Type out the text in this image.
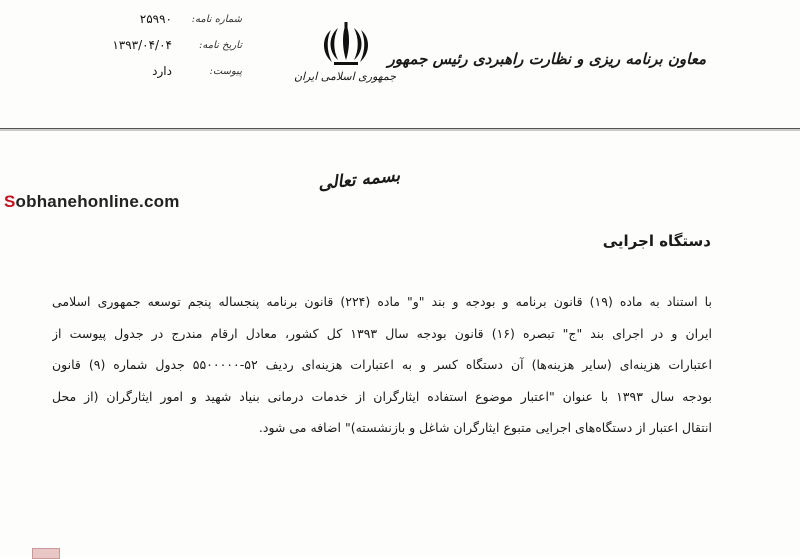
شماره نامه:
۲۵۹۹۰
تاریخ نامه:
۱۳۹۳/۰۴/۰۴
پیوست:
دارد	جمهوری اسلامی ایران
معاون برنامه ریزی و نظارت راهبردی رئیس جمهور
بسمه تعالی
Sobhanehonline.com
دستگاه اجرایی
با استناد به ماده (۱۹) قانون برنامه و بودجه و بند "و" ماده (۲۲۴) قانون برنامه پنجساله پنجم توسعه جمهوری اسلامی
ایران و در اجرای بند "ج" تبصره (۱۶) قانون بودجه سال ۱۳۹۳ کل کشور، معادل ارقام مندرج در جدول پیوست از
اعتبارات هزینه‌ای (سایر هزینه‌ها) آن دستگاه کسر و به اعتبارات هزینه‌ای ردیف ۵۲-۵۵۰۰۰۰۰ جدول شماره (۹) قانون
بودجه سال ۱۳۹۳ با عنوان "اعتبار موضوع استفاده ایثارگران از خدمات درمانی بنیاد شهید و امور ایثارگران (از محل
انتقال اعتبار از دستگاه‌های اجرایی متبوع ایثارگران شاغل و بازنشسته)" اضافه می شود.
